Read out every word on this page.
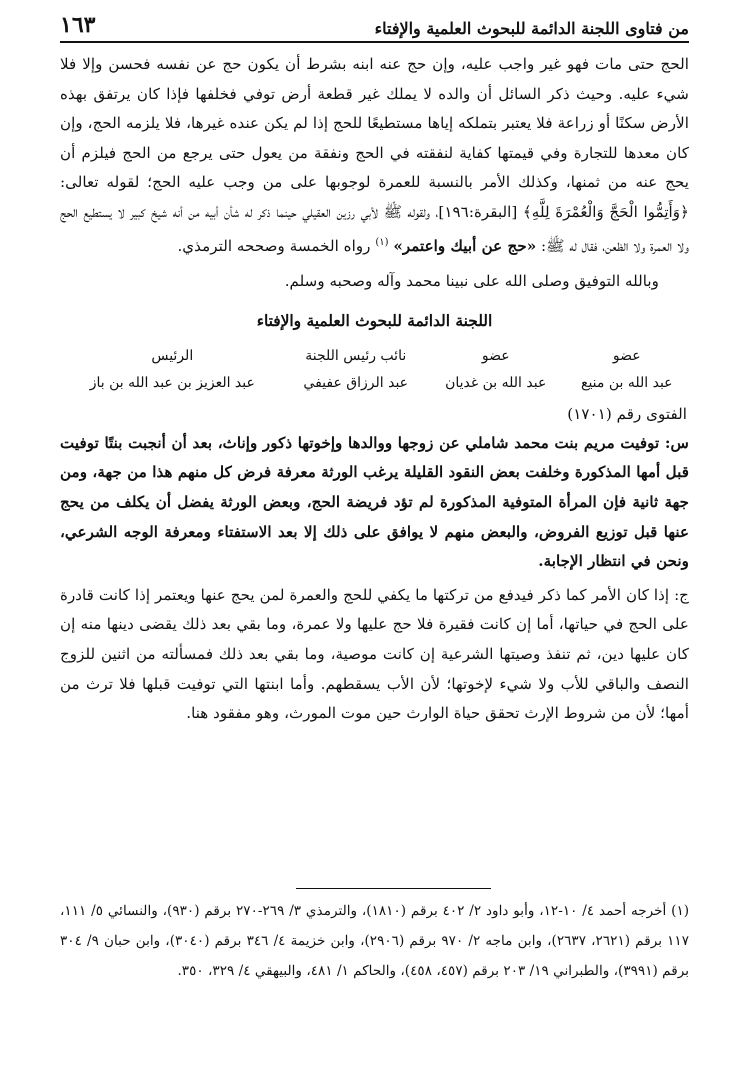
من فتاوى اللجنة الدائمة للبحوث العلمية والإفتاء
١٦٣

الحج حتى مات فهو غير واجب عليه، وإن حج عنه ابنه بشرط أن يكون حج عن نفسه فحسن وإلا فلا شيء عليه. وحيث ذكر السائل أن والده لا يملك غير قطعة أرض توفي فخلفها فإذا كان يرتفق بهذه الأرض سكنًا أو زراعة فلا يعتبر بتملكه إياها مستطيعًا للحج إذا لم يكن عنده غيرها، فلا يلزمه الحج، وإن كان معدها للتجارة وفي قيمتها كفاية لنفقته في الحج ونفقة من يعول حتى يرجع من الحج فيلزم أن يحج عنه من ثمنها، وكذلك الأمر بالنسبة للعمرة لوجوبها على من وجب عليه الحج؛ لقوله تعالى: ﴿وَأَتِمُّوا الْحَجَّ وَالْعُمْرَةَ لِلَّهِ﴾ [البقرة:١٩٦]، ولقوله ﷺ لأبي رزين العقيلي حينما ذكر له شأن أبيه من أنه شيخ كبير لا يستطيع الحج ولا العمرة ولا الظعن، فقال له ﷺ: «حج عن أبيك واعتمر» $^{(١)}$ رواه الخمسة وصححه الترمذي.

وبالله التوفيق وصلى الله على نبينا محمد وآله وصحبه وسلم.

اللجنة الدائمة للبحوث العلمية والإفتاء
عضو	عضو	نائب رئيس اللجنة	الرئيس
عبد الله بن منيع	عبد الله بن غديان	عبد الرزاق عفيفي	عبد العزيز بن عبد الله بن باز
الفتوى رقم (١٧٠١)

س: توفيت مريم بنت محمد شاملي عن زوجها ووالدها وإخوتها ذكور وإناث، بعد أن أنجبت بنتًا توفيت قبل أمها المذكورة وخلفت بعض النقود القليلة يرغب الورثة معرفة فرض كل منهم هذا من جهة، ومن جهة ثانية فإن المرأة المتوفية المذكورة لم تؤد فريضة الحج، وبعض الورثة يفضل أن يكلف من يحج عنها قبل توزيع الفروض، والبعض منهم لا يوافق على ذلك إلا بعد الاستفتاء ومعرفة الوجه الشرعي، ونحن في انتظار الإجابة.

ج: إذا كان الأمر كما ذكر فيدفع من تركتها ما يكفي للحج والعمرة لمن يحج عنها ويعتمر إذا كانت قادرة على الحج في حياتها، أما إن كانت فقيرة فلا حج عليها ولا عمرة، وما بقي بعد ذلك يقضى دينها منه إن كان عليها دين، ثم تنفذ وصيتها الشرعية إن كانت موصية، وما بقي بعد ذلك فمسألته من اثنين للزوج النصف والباقي للأب ولا شيء لإخوتها؛ لأن الأب يسقطهم. وأما ابنتها التي توفيت قبلها فلا ترث من أمها؛ لأن من شروط الإرث تحقق حياة الوارث حين موت المورث، وهو مفقود هنا.

(١) أخرجه أحمد ٤/ ١٠-١٢، وأبو داود ٢/ ٤٠٢ برقم (١٨١٠)، والترمذي ٣/ ٢٦٩-٢٧٠ برقم (٩٣٠)، والنسائي ٥/ ١١١، ١١٧ برقم (٢٦٢١، ٢٦٣٧)، وابن ماجه ٢/ ٩٧٠ برقم (٢٩٠٦)، وابن خزيمة ٤/ ٣٤٦ برقم (٣٠٤٠)، وابن حبان ٩/ ٣٠٤ برقم (٣٩٩١)، والطبراني ١٩/ ٢٠٣ برقم (٤٥٧، ٤٥٨)، والحاكم ١/ ٤٨١، والبيهقي ٤/ ٣٢٩، ٣٥٠.
